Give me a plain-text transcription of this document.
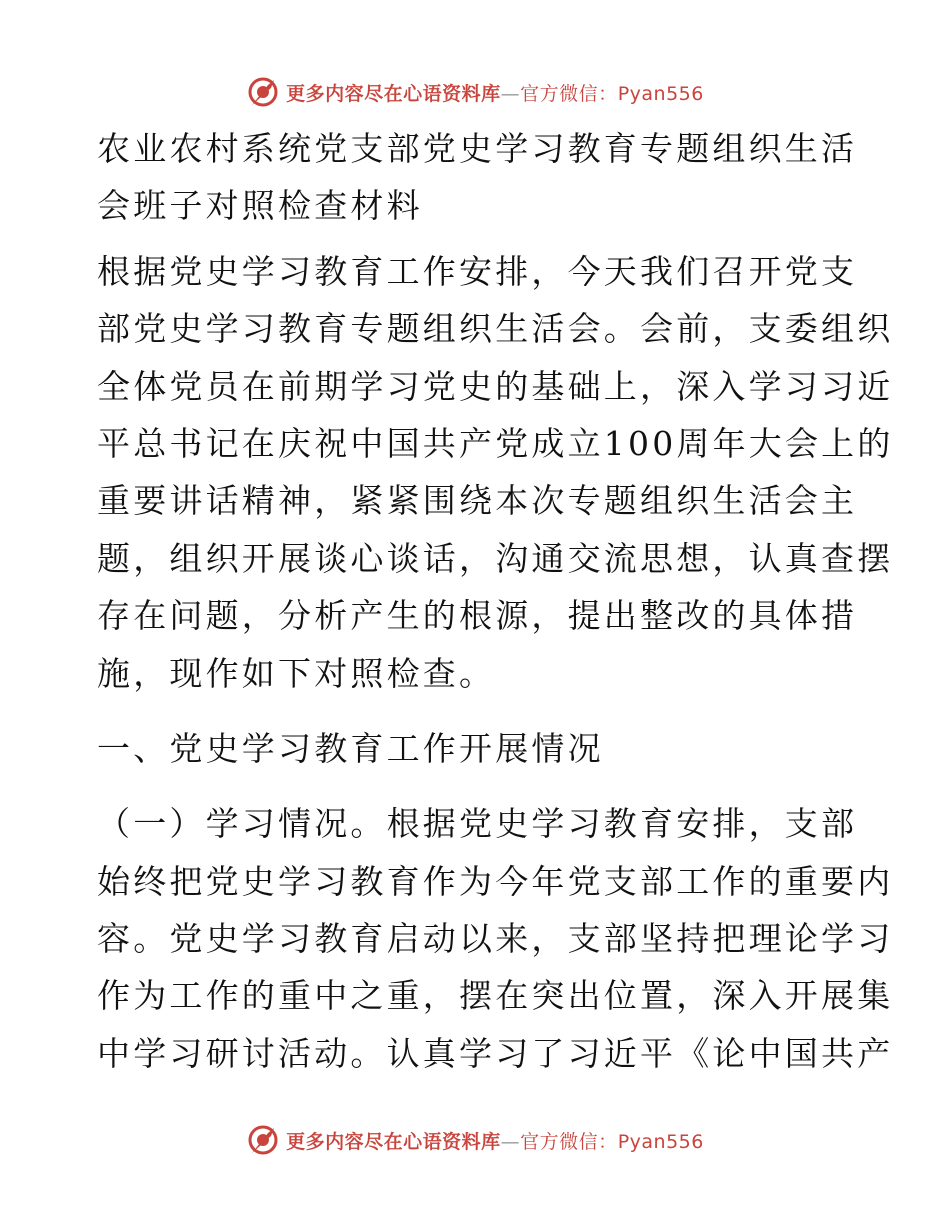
更多内容尽在心语资料库—官方微信：Pyan556
农业农村系统党支部党史学习教育专题组织生活
会班子对照检查材料
根据党史学习教育工作安排，今天我们召开党支
部党史学习教育专题组织生活会。会前，支委组织
全体党员在前期学习党史的基础上，深入学习习近
平总书记在庆祝中国共产党成立100周年大会上的
重要讲话精神，紧紧围绕本次专题组织生活会主
题，组织开展谈心谈话，沟通交流思想，认真查摆
存在问题，分析产生的根源，提出整改的具体措
施，现作如下对照检查。
一、党史学习教育工作开展情况
（一）学习情况。根据党史学习教育安排，支部
始终把党史学习教育作为今年党支部工作的重要内
容。党史学习教育启动以来，支部坚持把理论学习
作为工作的重中之重，摆在突出位置，深入开展集
中学习研讨活动。认真学习了习近平《论中国共产
更多内容尽在心语资料库—官方微信：Pyan556
